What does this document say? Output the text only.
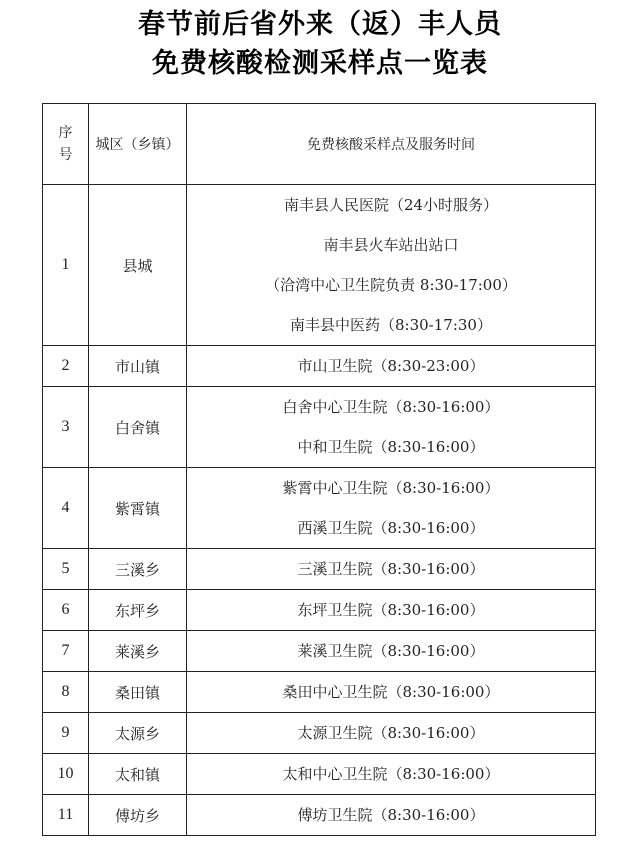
春节前后省外来（返）丰人员
免费核酸检测采样点一览表
序
号	城区（乡镇）	免费核酸采样点及服务时间
1	县城	南丰县人民医院（24小时服务）
南丰县火车站出站口
（洽湾中心卫生院负责 8:30-17:00）
南丰县中医药（8:30-17:30）

2	市山镇	市山卫生院（8:30-23:00）

3	白舍镇	白舍中心卫生院（8:30-16:00）
中和卫生院（8:30-16:00）

4	紫霄镇	紫霄中心卫生院（8:30-16:00）
西溪卫生院（8:30-16:00）

5	三溪乡	三溪卫生院（8:30-16:00）

6	东坪乡	东坪卫生院（8:30-16:00）

7	莱溪乡	莱溪卫生院（8:30-16:00）

8	桑田镇	桑田中心卫生院（8:30-16:00）

9	太源乡	太源卫生院（8:30-16:00）

10	太和镇	太和中心卫生院（8:30-16:00）

11	傅坊乡	傅坊卫生院（8:30-16:00）
